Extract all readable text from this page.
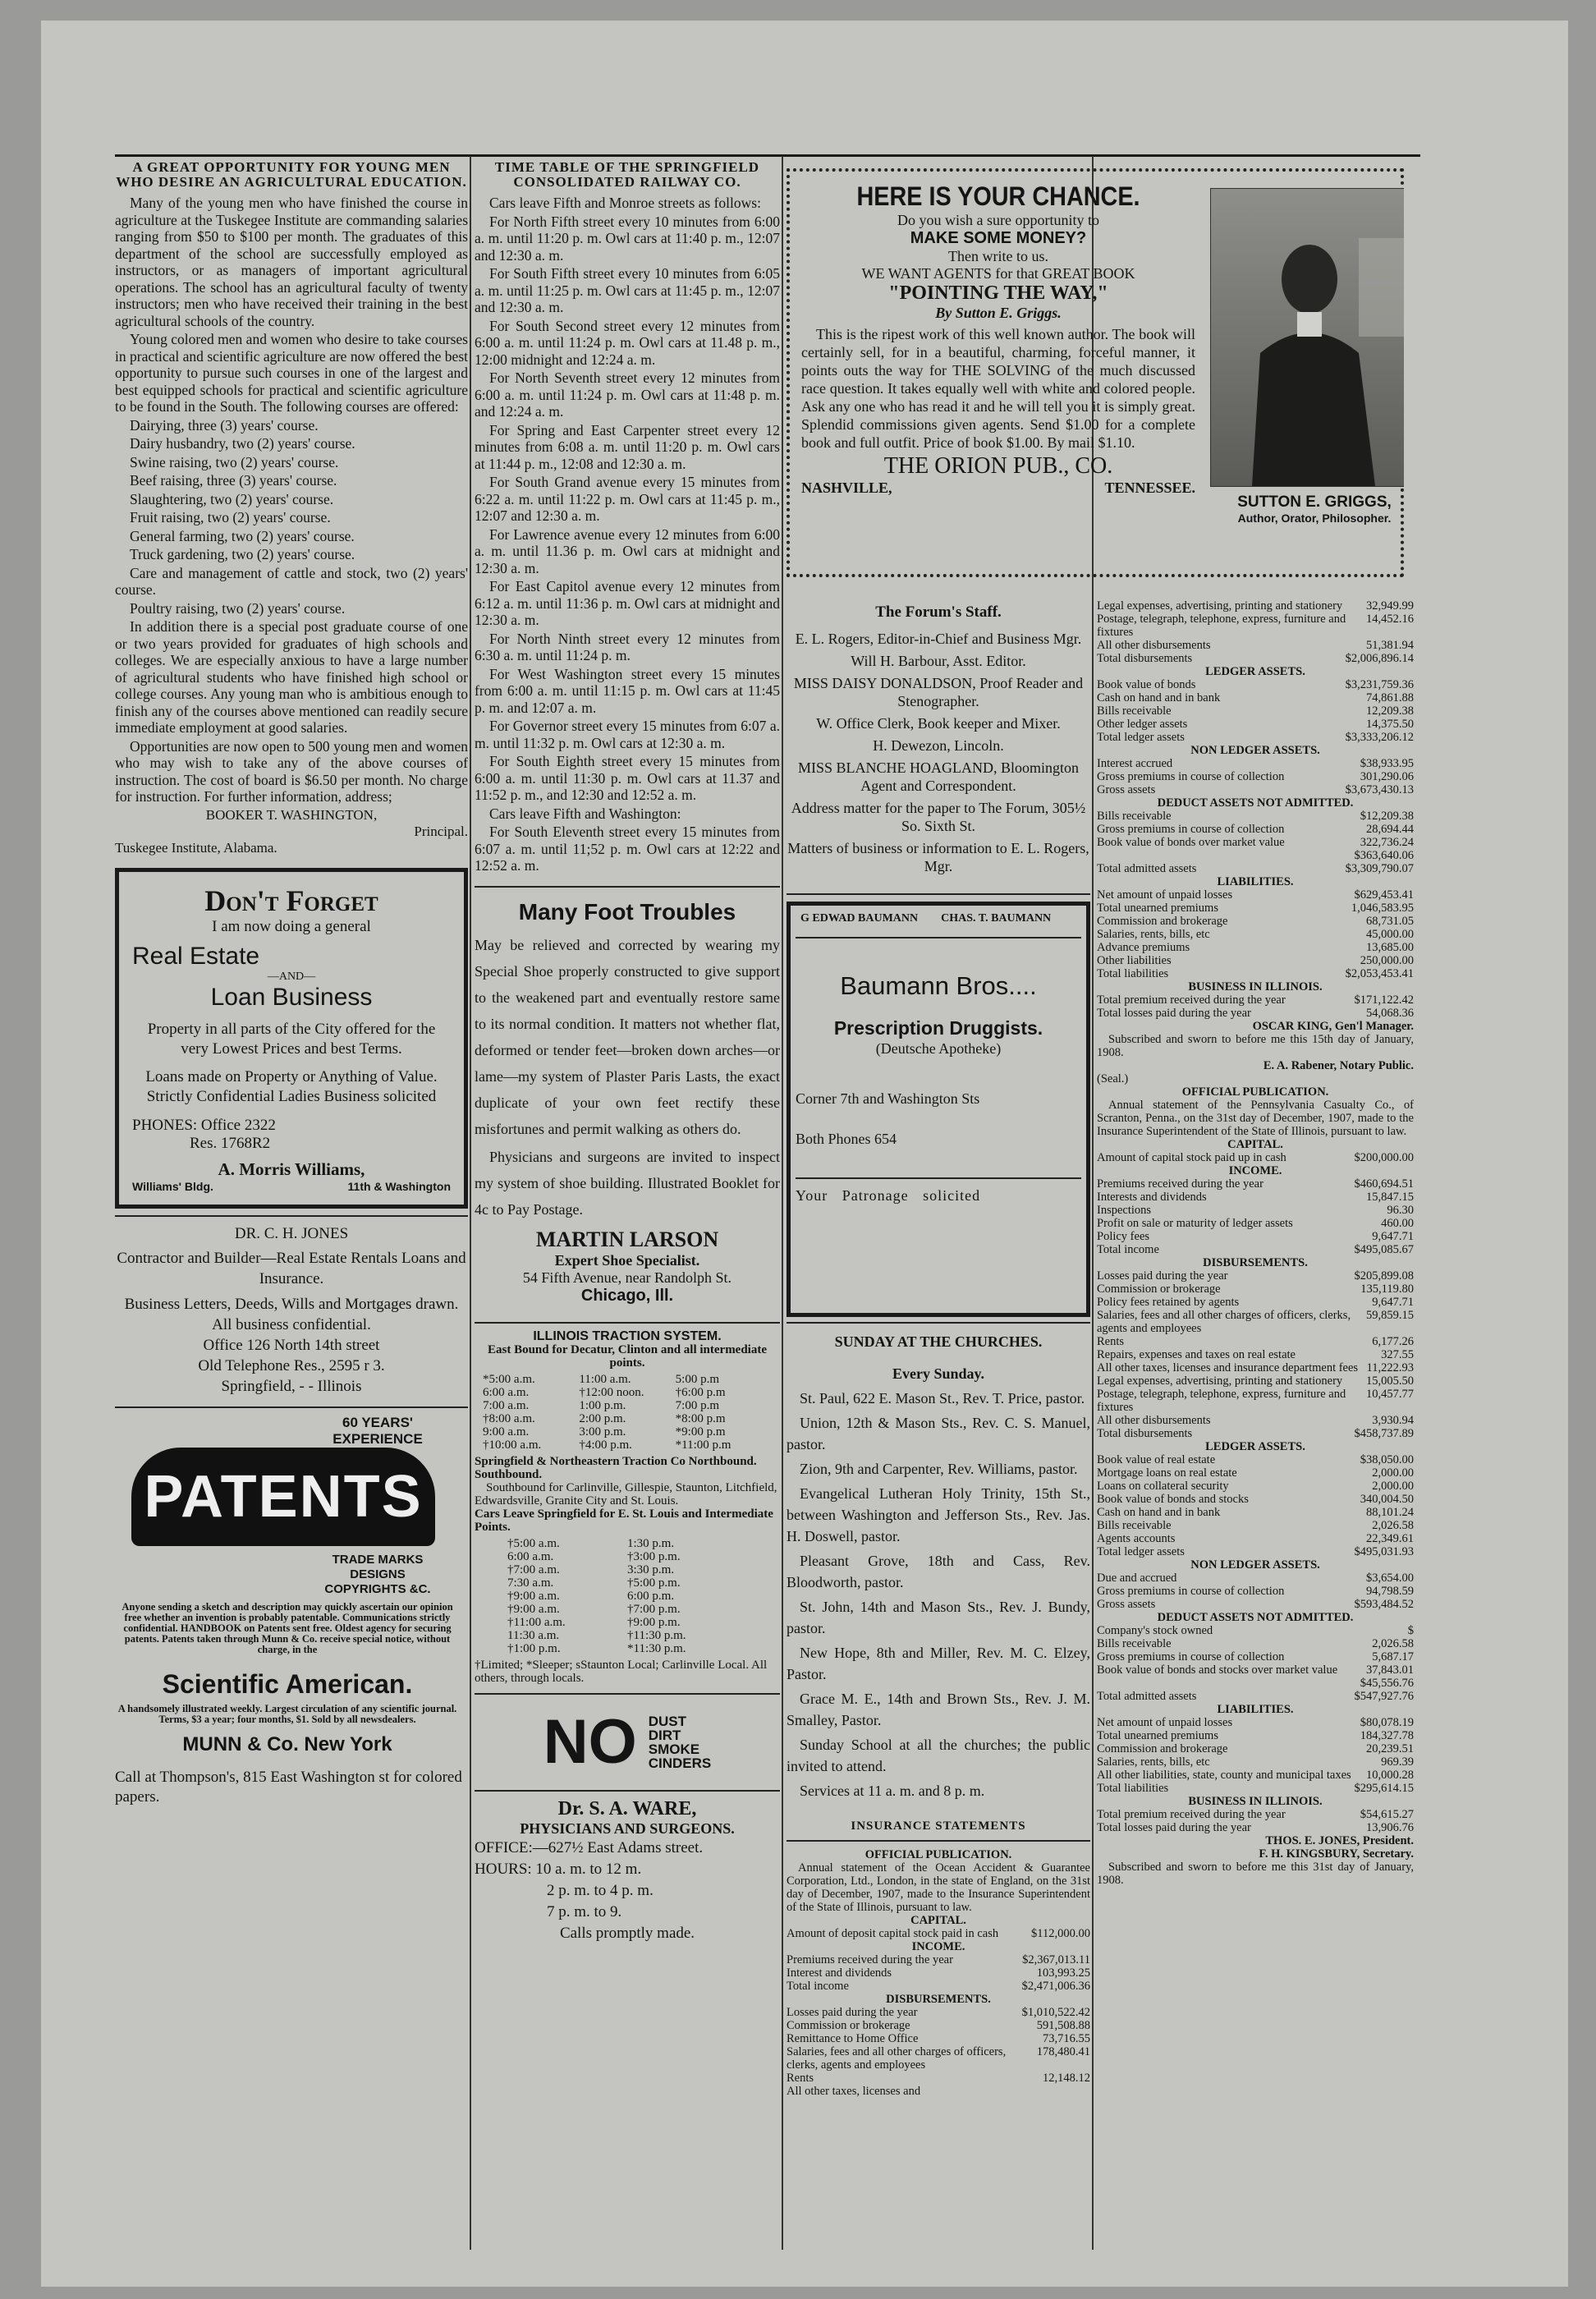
A GREAT OPPORTUNITY FOR YOUNG MEN WHO DESIRE AN AGRICULTURAL EDUCATION.

Many of the young men who have finished the course in agriculture at the Tuskegee Institute are commanding salaries ranging from $50 to $100 per month. The graduates of this department of the school are successfully employed as instructors, or as managers of important agricultural operations. The school has an agricultural faculty of twenty instructors; men who have received their training in the best agricultural schools of the country.

Young colored men and women who desire to take courses in practical and scientific agriculture are now offered the best opportunity to pursue such courses in one of the largest and best equipped schools for practical and scientific agriculture to be found in the South. The following courses are offered:

Dairying, three (3) years' course.

Dairy husbandry, two (2) years' course.

Swine raising, two (2) years' course.

Beef raising, three (3) years' course.

Slaughtering, two (2) years' course.

Fruit raising, two (2) years' course.

General farming, two (2) years' course.

Truck gardening, two (2) years' course.

Care and management of cattle and stock, two (2) years' course.

Poultry raising, two (2) years' course.

In addition there is a special post graduate course of one or two years provided for graduates of high schools and colleges. We are especially anxious to have a large number of agricultural students who have finished high school or college courses. Any young man who is ambitious enough to finish any of the courses above mentioned can readily secure immediate employment at good salaries.

Opportunities are now open to 500 young men and women who may wish to take any of the above courses of instruction. The cost of board is $6.50 per month. No charge for instruction. For further information, address;

BOOKER T. WASHINGTON,
Principal.
Tuskegee Institute, Alabama.
Don't Forget
I am now doing a general
Real Estate
—AND—
Loan Business
Property in all parts of the City offered for the very Lowest Prices and best Terms.
Loans made on Property or Anything of Value. Strictly Confidential Ladies Business solicited
PHONES: Office 2322
Res. 1768R2
A. Morris Williams,
Williams' Bldg.	11th & Washington
DR. C. H. JONES
Contractor and Builder—Real Estate Rentals Loans and Insurance.
Business Letters, Deeds, Wills and Mortgages drawn.
All business confidential.
Office 126 North 14th street
Old Telephone Res., 2595 r 3.
Springfield, - - Illinois
60 YEARS' EXPERIENCE
PATENTS
TRADE MARKS
DESIGNS
COPYRIGHTS &C.
Anyone sending a sketch and description may quickly ascertain our opinion free whether an invention is probably patentable. Communications strictly confidential. HANDBOOK on Patents sent free. Oldest agency for securing patents. Patents taken through Munn & Co. receive special notice, without charge, in the
Scientific American.
A handsomely illustrated weekly. Largest circulation of any scientific journal. Terms, $3 a year; four months, $1. Sold by all newsdealers.
MUNN & Co. New York
Call at Thompson's, 815 East Washington st for colored papers.
TIME TABLE OF THE SPRINGFIELD CONSOLIDATED RAILWAY CO.

Cars leave Fifth and Monroe streets as follows:

For North Fifth street every 10 minutes from 6:00 a. m. until 11:20 p. m. Owl cars at 11:40 p. m., 12:07 and 12:30 a. m.

For South Fifth street every 10 minutes from 6:05 a. m. until 11:25 p. m. Owl cars at 11:45 p. m., 12:07 and 12:30 a. m.

For South Second street every 12 minutes from 6:00 a. m. until 11:24 p. m. Owl cars at 11.48 p. m., 12:00 midnight and 12:24 a. m.

For North Seventh street every 12 minutes from 6:00 a. m. until 11:24 p. m. Owl cars at 11:48 p. m. and 12:24 a. m.

For Spring and East Carpenter street every 12 minutes from 6:08 a. m. until 11:20 p. m. Owl cars at 11:44 p. m., 12:08 and 12:30 a. m.

For South Grand avenue every 15 minutes from 6:22 a. m. until 11:22 p. m. Owl cars at 11:45 p. m., 12:07 and 12:30 a. m.

For Lawrence avenue every 12 minutes from 6:00 a. m. until 11.36 p. m. Owl cars at midnight and 12:30 a. m.

For East Capitol avenue every 12 minutes from 6:12 a. m. until 11:36 p. m. Owl cars at midnight and 12:30 a. m.

For North Ninth street every 12 minutes from 6:30 a. m. until 11:24 p. m.

For West Washington street every 15 minutes from 6:00 a. m. until 11:15 p. m. Owl cars at 11:45 p. m. and 12:07 a. m.

For Governor street every 15 minutes from 6:07 a. m. until 11:32 p. m. Owl cars at 12:30 a. m.

For South Eighth street every 15 minutes from 6:00 a. m. until 11:30 p. m. Owl cars at 11.37 and 11:52 p. m., and 12:30 and 12:52 a. m.

Cars leave Fifth and Washington:

For South Eleventh street every 15 minutes from 6:07 a. m. until 11;52 p. m. Owl cars at 12:22 and 12:52 a. m.

Many Foot Troubles
May be relieved and corrected by wearing my Special Shoe properly constructed to give support to the weakened part and eventually restore same to its normal condition. It matters not whether flat, deformed or tender feet—broken down arches—or lame—my system of Plaster Paris Lasts, the exact duplicate of your own feet rectify these misfortunes and permit walking as others do.
Physicians and surgeons are invited to inspect my system of shoe building. Illustrated Booklet for 4c to Pay Postage.
MARTIN LARSON
Expert Shoe Specialist.
54 Fifth Avenue, near Randolph St.
Chicago, Ill.
ILLINOIS TRACTION SYSTEM.
East Bound for Decatur, Clinton and all intermediate points.
*5:00 a.m.	11:00 a.m.	5:00 p.m
6:00 a.m.	†12:00 noon.	†6:00 p.m
7:00 a.m.	1:00 p.m.	7:00 p.m
†8:00 a.m.	2:00 p.m.	*8:00 p.m
9:00 a.m.	3:00 p.m.	*9:00 p.m
†10:00 a.m.	†4:00 p.m.	*11:00 p.m
Springfield & Northeastern Traction Co Northbound. Southbound.
Southbound for Carlinville, Gillespie, Staunton, Litchfield, Edwardsville, Granite City and St. Louis.
Cars Leave Springfield for E. St. Louis and Intermediate Points.
†5:00 a.m.	1:30 p.m.
6:00 a.m.	†3:00 p.m.
†7:00 a.m.	3:30 p.m.
7:30 a.m.	†5:00 p.m.
†9:00 a.m.	6:00 p.m.
†9:00 a.m.	†7:00 p.m.
†11:00 a.m.	†9:00 p.m.
11:30 a.m.	†11:30 p.m.
†1:00 p.m.	*11:30 p.m.
†Limited; *Sleeper; sStaunton Local; Carlinville Local. All others, through locals.
NO DUST
DIRT
SMOKE
CINDERS
Dr. S. A. WARE,
PHYSICIANS AND SURGEONS.
OFFICE:—627½ East Adams street.
HOURS: 10 a. m. to 12 m.
2 p. m. to 4 p. m.
7 p. m. to 9.
Calls promptly made.
HERE IS YOUR CHANCE.
Do you wish a sure opportunity to
MAKE SOME MONEY?
Then write to us.
WE WANT AGENTS for that GREAT BOOK
"POINTING THE WAY,"
By Sutton E. Griggs.
This is the ripest work of this well known author. The book will certainly sell, for in a beautiful, charming, forceful manner, it points outs the way for THE SOLVING of the much discussed race question. It takes equally well with white and colored people. Ask any one who has read it and he will tell you it is simply great. Splendid commissions given agents. Send $1.00 for a complete book and full outfit. Price of book $1.00. By mail $1.10.
THE ORION PUB., CO.
NASHVILLE,	TENNESSEE.
SUTTON E. GRIGGS,
Author, Orator, Philosopher.
The Forum's Staff.

E. L. Rogers, Editor-in-Chief and Business Mgr.

Will H. Barbour, Asst. Editor.

MISS DAISY DONALDSON, Proof Reader and Stenographer.

W. Office Clerk, Book keeper and Mixer.

H. Dewezon, Lincoln.

MISS BLANCHE HOAGLAND, Bloomington Agent and Correspondent.

Address matter for the paper to The Forum, 305½ So. Sixth St.

Matters of business or information to E. L. Rogers, Mgr.

G EDWAD BAUMANN CHAS. T. BAUMANN
Baumann Bros....
Prescription Druggists.
(Deutsche Apotheke)
Corner 7th and Washington Sts
Both Phones 654
Your Patronage solicited
SUNDAY AT THE CHURCHES.
Every Sunday.

St. Paul, 622 E. Mason St., Rev. T. Price, pastor.

Union, 12th & Mason Sts., Rev. C. S. Manuel, pastor.

Zion, 9th and Carpenter, Rev. Williams, pastor.

Evangelical Lutheran Holy Trinity, 15th St., between Washington and Jefferson Sts., Rev. Jas. H. Doswell, pastor.

Pleasant Grove, 18th and Cass, Rev. Bloodworth, pastor.

St. John, 14th and Mason Sts., Rev. J. Bundy, pastor.

New Hope, 8th and Miller, Rev. M. C. Elzey, Pastor.

Grace M. E., 14th and Brown Sts., Rev. J. M. Smalley, Pastor.

Sunday School at all the churches; the public invited to attend.

Services at 11 a. m. and 8 p. m.

INSURANCE STATEMENTS
OFFICIAL PUBLICATION.
Annual statement of the Ocean Accident & Guarantee Corporation, Ltd., London, in the state of England, on the 31st day of December, 1907, made to the Insurance Superintendent of the State of Illinois, pursuant to law.
CAPITAL.
Amount of deposit capital stock paid in cash	$112,000.00
INCOME.
Premiums received during the year	$2,367,013.11
Interest and dividends	103,993.25
Total income	$2,471,006.36
DISBURSEMENTS.
Losses paid during the year	$1,010,522.42
Commission or brokerage	591,508.88
Remittance to Home Office	73,716.55
Salaries, fees and all other charges of officers, clerks, agents and employees
178,480.41
Rents	12,148.12
All other taxes, licenses and
Legal expenses, advertising, printing and stationery 32,949.99
Postage, telegraph, telephone, express, furniture and fixtures
14,452.16
All other disbursements	51,381.94
Total disbursements	$2,006,896.14
LEDGER ASSETS.
Book value of bonds	$3,231,759.36
Cash on hand and in bank	74,861.88
Bills receivable	12,209.38
Other ledger assets	14,375.50
Total ledger assets	$3,333,206.12
NON LEDGER ASSETS.
Interest accrued	$38,933.95
Gross premiums in course of collection	301,290.06
Gross assets	$3,673,430.13
DEDUCT ASSETS NOT ADMITTED.
Bills receivable	$12,209.38
Gross premiums in course of collection	28,694.44
Book value of bonds over market value	322,736.24
$363,640.06
Total admitted assets	$3,309,790.07
LIABILITIES.
Net amount of unpaid losses	$629,453.41
Total unearned premiums	1,046,583.95
Commission and brokerage	68,731.05
Salaries, rents, bills, etc	45,000.00
Advance premiums	13,685.00
Other liabilities	250,000.00
Total liabilities	$2,053,453.41
BUSINESS IN ILLINOIS.
Total premium received during the year	$171,122.42
Total losses paid during the year	54,068.36
OSCAR KING, Gen'l Manager.
Subscribed and sworn to before me this 15th day of January, 1908.
E. A. Rabener, Notary Public.
(Seal.)
OFFICIAL PUBLICATION.
Annual statement of the Pennsylvania Casualty Co., of Scranton, Penna., on the 31st day of December, 1907, made to the Insurance Superintendent of the State of Illinois, pursuant to law.
CAPITAL.
Amount of capital stock paid up in cash	$200,000.00
INCOME.
Premiums received during the year	$460,694.51
Interests and dividends	15,847.15
Inspections	96.30
Profit on sale or maturity of ledger assets	460.00
Policy fees	9,647.71
Total income	$495,085.67
DISBURSEMENTS.
Losses paid during the year	$205,899.08
Commission or brokerage	135,119.80
Policy fees retained by agents	9,647.71
Salaries, fees and all other charges of officers, clerks, agents and employees
59,859.15
Rents	6,177.26
Repairs, expenses and taxes on real estate	327.55
All other taxes, licenses and insurance department fees 11,222.93
Legal expenses, advertising, printing and stationery 15,005.50
Postage, telegraph, telephone, express, furniture and fixtures
10,457.77
All other disbursements	3,930.94
Total disbursements	$458,737.89
LEDGER ASSETS.
Book value of real estate	$38,050.00
Mortgage loans on real estate	2,000.00
Loans on collateral security	2,000.00
Book value of bonds and stocks	340,004.50
Cash on hand and in bank	88,101.24
Bills receivable	2,026.58
Agents accounts	22,349.61
Total ledger assets	$495,031.93
NON LEDGER ASSETS.
Due and accrued	$3,654.00
Gross premiums in course of collection	94,798.59
Gross assets	$593,484.52
DEDUCT ASSETS NOT ADMITTED.
Company's stock owned	$
Bills receivable	2,026.58
Gross premiums in course of collection	5,687.17
Book value of bonds and stocks over market value 37,843.01
$45,556.76
Total admitted assets	$547,927.76
LIABILITIES.
Net amount of unpaid losses	$80,078.19
Total unearned premiums	184,327.78
Commission and brokerage	20,239.51
Salaries, rents, bills, etc	969.39
All other liabilities, state, county and municipal taxes 10,000.28
Total liabilities	$295,614.15
BUSINESS IN ILLINOIS.
Total premium received during the year	$54,615.27
Total losses paid during the year	13,906.76
THOS. E. JONES, President.
F. H. KINGSBURY, Secretary.
Subscribed and sworn to before me this 31st day of January, 1908.
